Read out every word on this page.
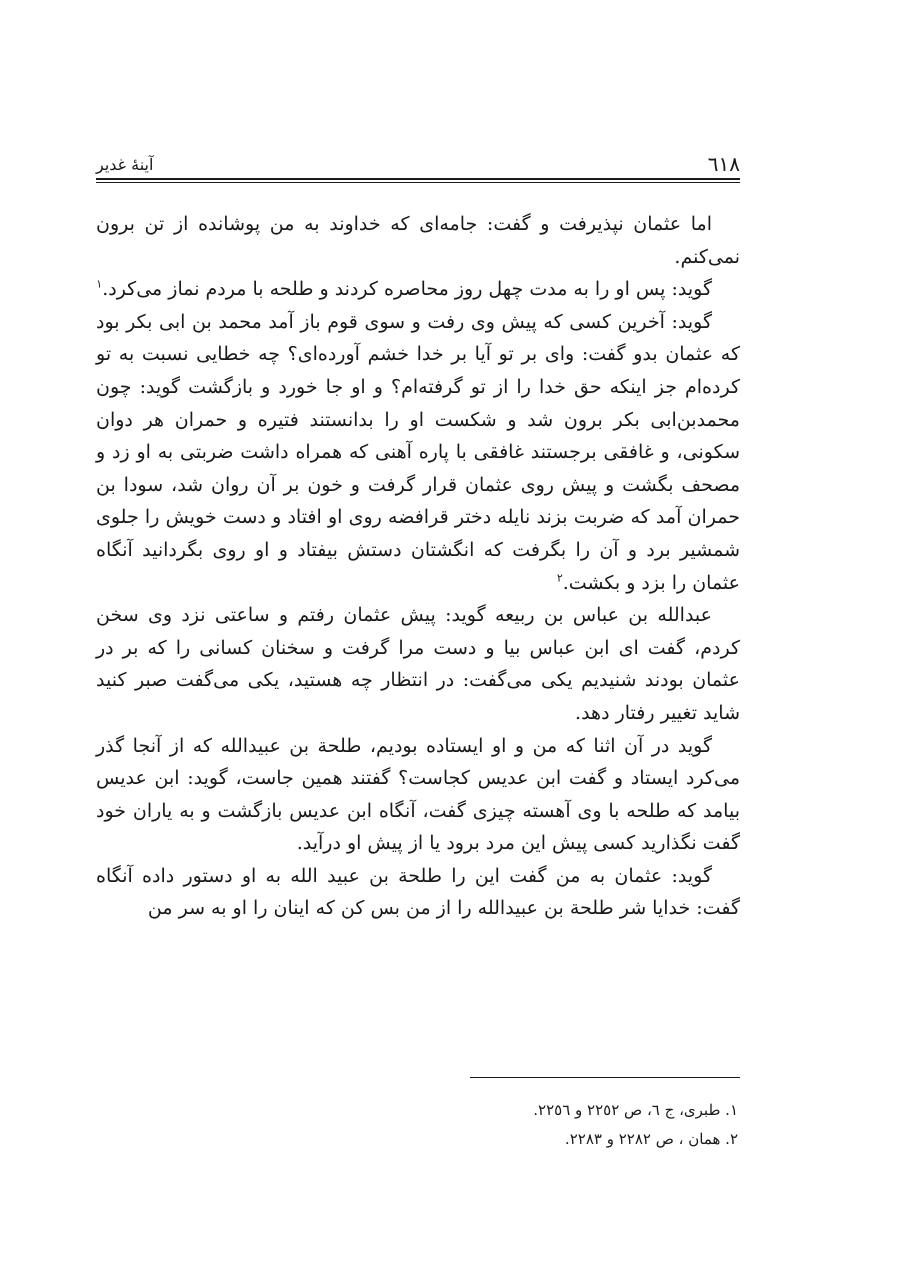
٦١٨
آینهٔ غدیر

اما عثمان نپذیرفت و گفت: جامه‌ای که خداوند به من پوشانده از تن برون نمی‌کنم.

گوید: پس او را به مدت چهل روز محاصره کردند و طلحه با مردم نماز می‌کرد.$^١$

گوید: آخرین کسی که پیش وی رفت و سوی قوم باز آمد محمد بن ابی بکر بود که عثمان بدو گفت: وای بر تو آیا بر خدا خشم آورده‌ای؟ چه خطایی نسبت به تو کرده‌ام جز اینکه حق خدا را از تو گرفته‌ام؟ و او جا خورد و بازگشت گوید: چون محمدبن‌ابی بکر برون شد و شکست او را بدانستند فتیره و حمران هر دوان سکونی، و غافقی برجستند غافقی با پاره آهنی که همراه داشت ضربتی به او زد و مصحف بگشت و پیش روی عثمان قرار گرفت و خون بر آن روان شد، سودا بن حمران آمد که ضربت بزند نایله دختر قرافضه روی او افتاد و دست خویش را جلوی شمشیر برد و آن را بگرفت که انگشتان دستش بیفتاد و او روی بگردانید آنگاه عثمان را بزد و بکشت.$^٢$

عبدالله بن عباس بن ربیعه گوید: پیش عثمان رفتم و ساعتی نزد وی سخن کردم، گفت ای ابن عباس بیا و دست مرا گرفت و سخنان کسانی را که بر در عثمان بودند شنیدیم یکی می‌گفت: در انتظار چه هستید، یکی می‌گفت صبر کنید شاید تغییر رفتار دهد.

گوید در آن اثنا که من و او ایستاده بودیم، طلحة بن عبیدالله که از آنجا گذر می‌کرد ایستاد و گفت ابن عدیس کجاست؟ گفتند همین جاست، گوید: ابن عدیس بیامد که طلحه با وی آهسته چیزی گفت، آنگاه ابن عدیس بازگشت و به یاران خود گفت نگذارید کسی پیش این مرد برود یا از پیش او درآید.

گوید: عثمان به من گفت این را طلحة بن عبید الله به او دستور داده آنگاه گفت: خدایا شر طلحة بن عبیدالله را از من بس کن که اینان را او به سر من

١. طبری، ج ٦، ص ٢٢٥٢ و ٢٢٥٦.

٢. همان ، ص ٢٢٨٢ و ٢٢٨٣.
